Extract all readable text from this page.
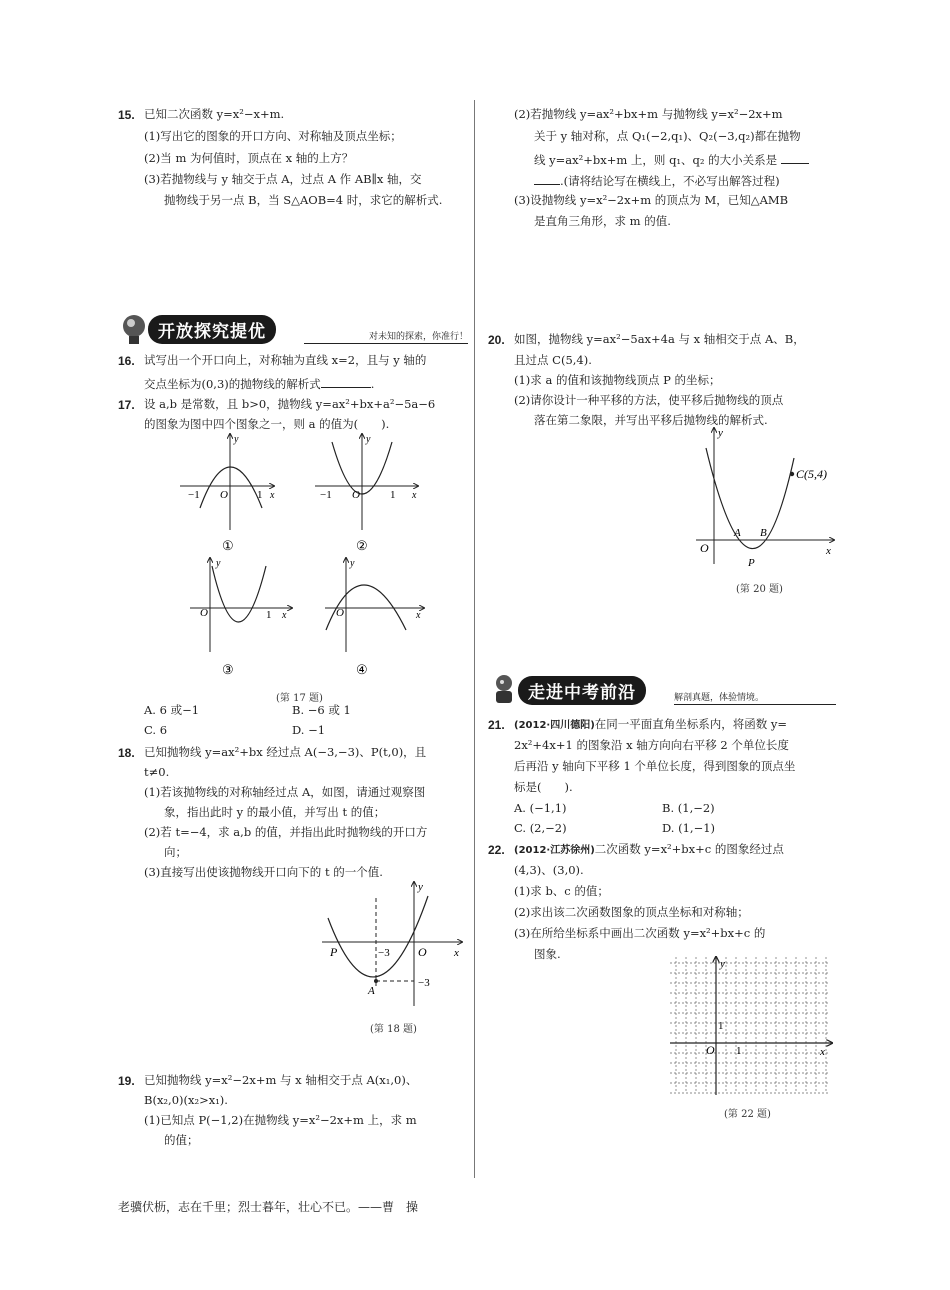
15. 已知二次函数 y=x²−x+m.
(1)写出它的图象的开口方向、对称轴及顶点坐标；
(2)当 m 为何值时，顶点在 x 轴的上方？
(3)若抛物线与 y 轴交于点 A，过点 A 作 AB∥x 轴，交
抛物线于另一点 B，当 S△AOB=4 时，求它的解析式.
开放探究提优	对未知的探索，你准行！
16. 试写出一个开口向上，对称轴为直线 x=2，且与 y 轴的
交点坐标为(0,3)的抛物线的解析式	.
17. 设 a,b 是常数，且 b>0，抛物线 y=ax²+bx+a²−5a−6
的图象为图中四个图象之一，则 a 的值为(　　).
y
x
O
−1	1
①
y
x
O
−1	1
②
y
x
O	1
③
y
x
O
④
(第 17 题)
A. 6 或−1	B. −6 或 1
C. 6	D. −1
18. 已知抛物线 y=ax²+bx 经过点 A(−3,−3)、P(t,0)，且
t≠0.
(1)若该抛物线的对称轴经过点 A，如图，请通过观察图
象，指出此时 y 的最小值，并写出 t 的值；
(2)若 t=−4，求 a,b 的值，并指出此时抛物线的开口方
向；
(3)直接写出使该抛物线开口向下的 t 的一个值.
y
x
O
P
A
−3
−3
(第 18 题)
19. 已知抛物线 y=x²−2x+m 与 x 轴相交于点 A(x₁,0)、
B(x₂,0)(x₂>x₁).
(1)已知点 P(−1,2)在抛物线 y=x²−2x+m 上，求 m
的值；
(2)若抛物线 y=ax²+bx+m 与抛物线 y=x²−2x+m
关于 y 轴对称，点 Q₁(−2,q₁)、Q₂(−3,q₂)都在抛物
线 y=ax²+bx+m 上，则 q₁、q₂ 的大小关系是
.(请将结论写在横线上，不必写出解答过程)
(3)设抛物线 y=x²−2x+m 的顶点为 M，已知△AMB
是直角三角形，求 m 的值.
20. 如图，抛物线 y=ax²−5ax+4a 与 x 轴相交于点 A、B，
且过点 C(5,4).
(1)求 a 的值和该抛物线顶点 P 的坐标；
(2)请你设计一种平移的方法，使平移后抛物线的顶点
落在第二象限，并写出平移后抛物线的解析式.
y
x
O
A B
P
C(5,4)
(第 20 题)
走进中考前沿	解剖真题，体验情境。
21. (2012·四川德阳)在同一平面直角坐标系内，将函数 y=
2x²+4x+1 的图象沿 x 轴方向向右平移 2 个单位长度
后再沿 y 轴向下平移 1 个单位长度，得到图象的顶点坐
标是(　　).
A. (−1,1)	B. (1,−2)
C. (2,−2)	D. (1,−1)
22. (2012·江苏徐州)二次函数 y=x²+bx+c 的图象经过点
(4,3)、(3,0).
(1)求 b、c 的值；
(2)求出该二次函数图象的顶点坐标和对称轴；
(3)在所给坐标系中画出二次函数 y=x²+bx+c 的
图象.
y
x
O 1
1
(第 22 题)
老骥伏枥，志在千里；烈士暮年，壮心不已。——曹　操
